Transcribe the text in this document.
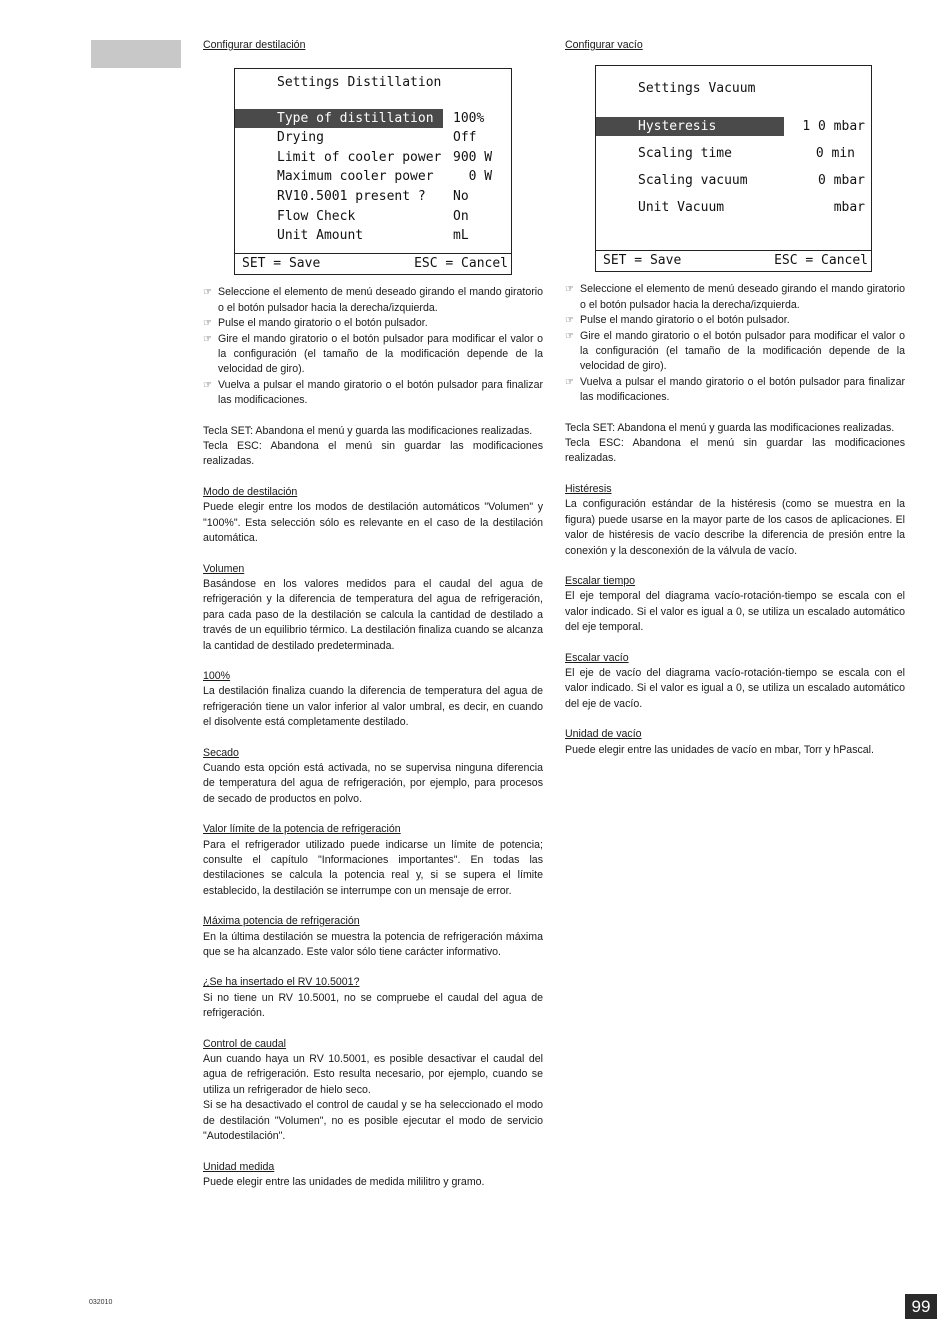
Configurar destilación
Settings Distillation
Type of distillation	100%
Drying	Off
Limit of cooler power 900 W
Maximum cooler power 0 W
RV10.5001 present ? No
Flow Check	On
Unit Amount	mL
SET = Save	ESC = Cancel
☞ Seleccione el elemento de menú deseado girando el mando giratorio o el botón pulsador hacia la derecha/izquierda.
☞ Pulse el mando giratorio o el botón pulsador.
☞ Gire el mando giratorio o el botón pulsador para modificar el valor o la configuración (el tamaño de la modificación depende de la velocidad de giro).
☞ Vuelva a pulsar el mando giratorio o el botón pulsador para finalizar las modificaciones.

Tecla SET: Abandona el menú y guarda las modificaciones realizadas.

Tecla ESC: Abandona el menú sin guardar las modificaciones realizadas.

Modo de destilación

Puede elegir entre los modos de destilación automáticos "Volumen" y "100%". Esta selección sólo es relevante en el caso de la destilación automática.

Volumen

Basándose en los valores medidos para el caudal del agua de refrigeración y la diferencia de temperatura del agua de refrigeración, para cada paso de la destilación se calcula la cantidad de destilado a través de un equilibrio térmico. La destilación finaliza cuando se alcanza la cantidad de destilado predeterminada.

100%

La destilación finaliza cuando la diferencia de temperatura del agua de refrigeración tiene un valor inferior al valor umbral, es decir, en cuando el disolvente está completamente destilado.

Secado

Cuando esta opción está activada, no se supervisa ninguna diferencia de temperatura del agua de refrigeración, por ejemplo, para procesos de secado de productos en polvo.

Valor límite de la potencia de refrigeración

Para el refrigerador utilizado puede indicarse un límite de potencia; consulte el capítulo "Informaciones importantes". En todas las destilaciones se calcula la potencia real y, si se supera el límite establecido, la destilación se interrumpe con un mensaje de error.

Máxima potencia de refrigeración

En la última destilación se muestra la potencia de refrigeración máxima que se ha alcanzado. Este valor sólo tiene carácter informativo.

¿Se ha insertado el RV 10.5001?

Si no tiene un RV 10.5001, no se compruebe el caudal del agua de refrigeración.

Control de caudal

Aun cuando haya un RV 10.5001, es posible desactivar el caudal del agua de refrigeración. Esto resulta necesario, por ejemplo, cuando se utiliza un refrigerador de hielo seco.

Si se ha desactivado el control de caudal y se ha seleccionado el modo de destilación "Volumen", no es posible ejecutar el modo de servicio "Autodestilación".

Unidad medida

Puede elegir entre las unidades de medida mililitro y gramo.

Configurar vacío
Settings Vacuum
Hysteresis	1 0 mbar
Scaling time	0 min
Scaling vacuum	0 mbar
Unit Vacuum	mbar
SET = Save	ESC = Cancel
☞ Seleccione el elemento de menú deseado girando el mando giratorio o el botón pulsador hacia la derecha/izquierda.
☞ Pulse el mando giratorio o el botón pulsador.
☞ Gire el mando giratorio o el botón pulsador para modificar el valor o la configuración (el tamaño de la modificación depende de la velocidad de giro).
☞ Vuelva a pulsar el mando giratorio o el botón pulsador para finalizar las modificaciones.

Tecla SET: Abandona el menú y guarda las modificaciones realizadas.

Tecla ESC: Abandona el menú sin guardar las modificaciones realizadas.

Histéresis

La configuración estándar de la histéresis (como se muestra en la figura) puede usarse en la mayor parte de los casos de aplicaciones. El valor de histéresis de vacío describe la diferencia de presión entre la conexión y la desconexión de la válvula de vacío.

Escalar tiempo

El eje temporal del diagrama vacío-rotación-tiempo se escala con el valor indicado. Si el valor es igual a 0, se utiliza un escalado automático del eje temporal.

Escalar vacío

El eje de vacío del diagrama vacío-rotación-tiempo se escala con el valor indicado. Si el valor es igual a 0, se utiliza un escalado automático del eje de vacío.

Unidad de vacío

Puede elegir entre las unidades de vacío en mbar, Torr y hPascal.

032010	99
